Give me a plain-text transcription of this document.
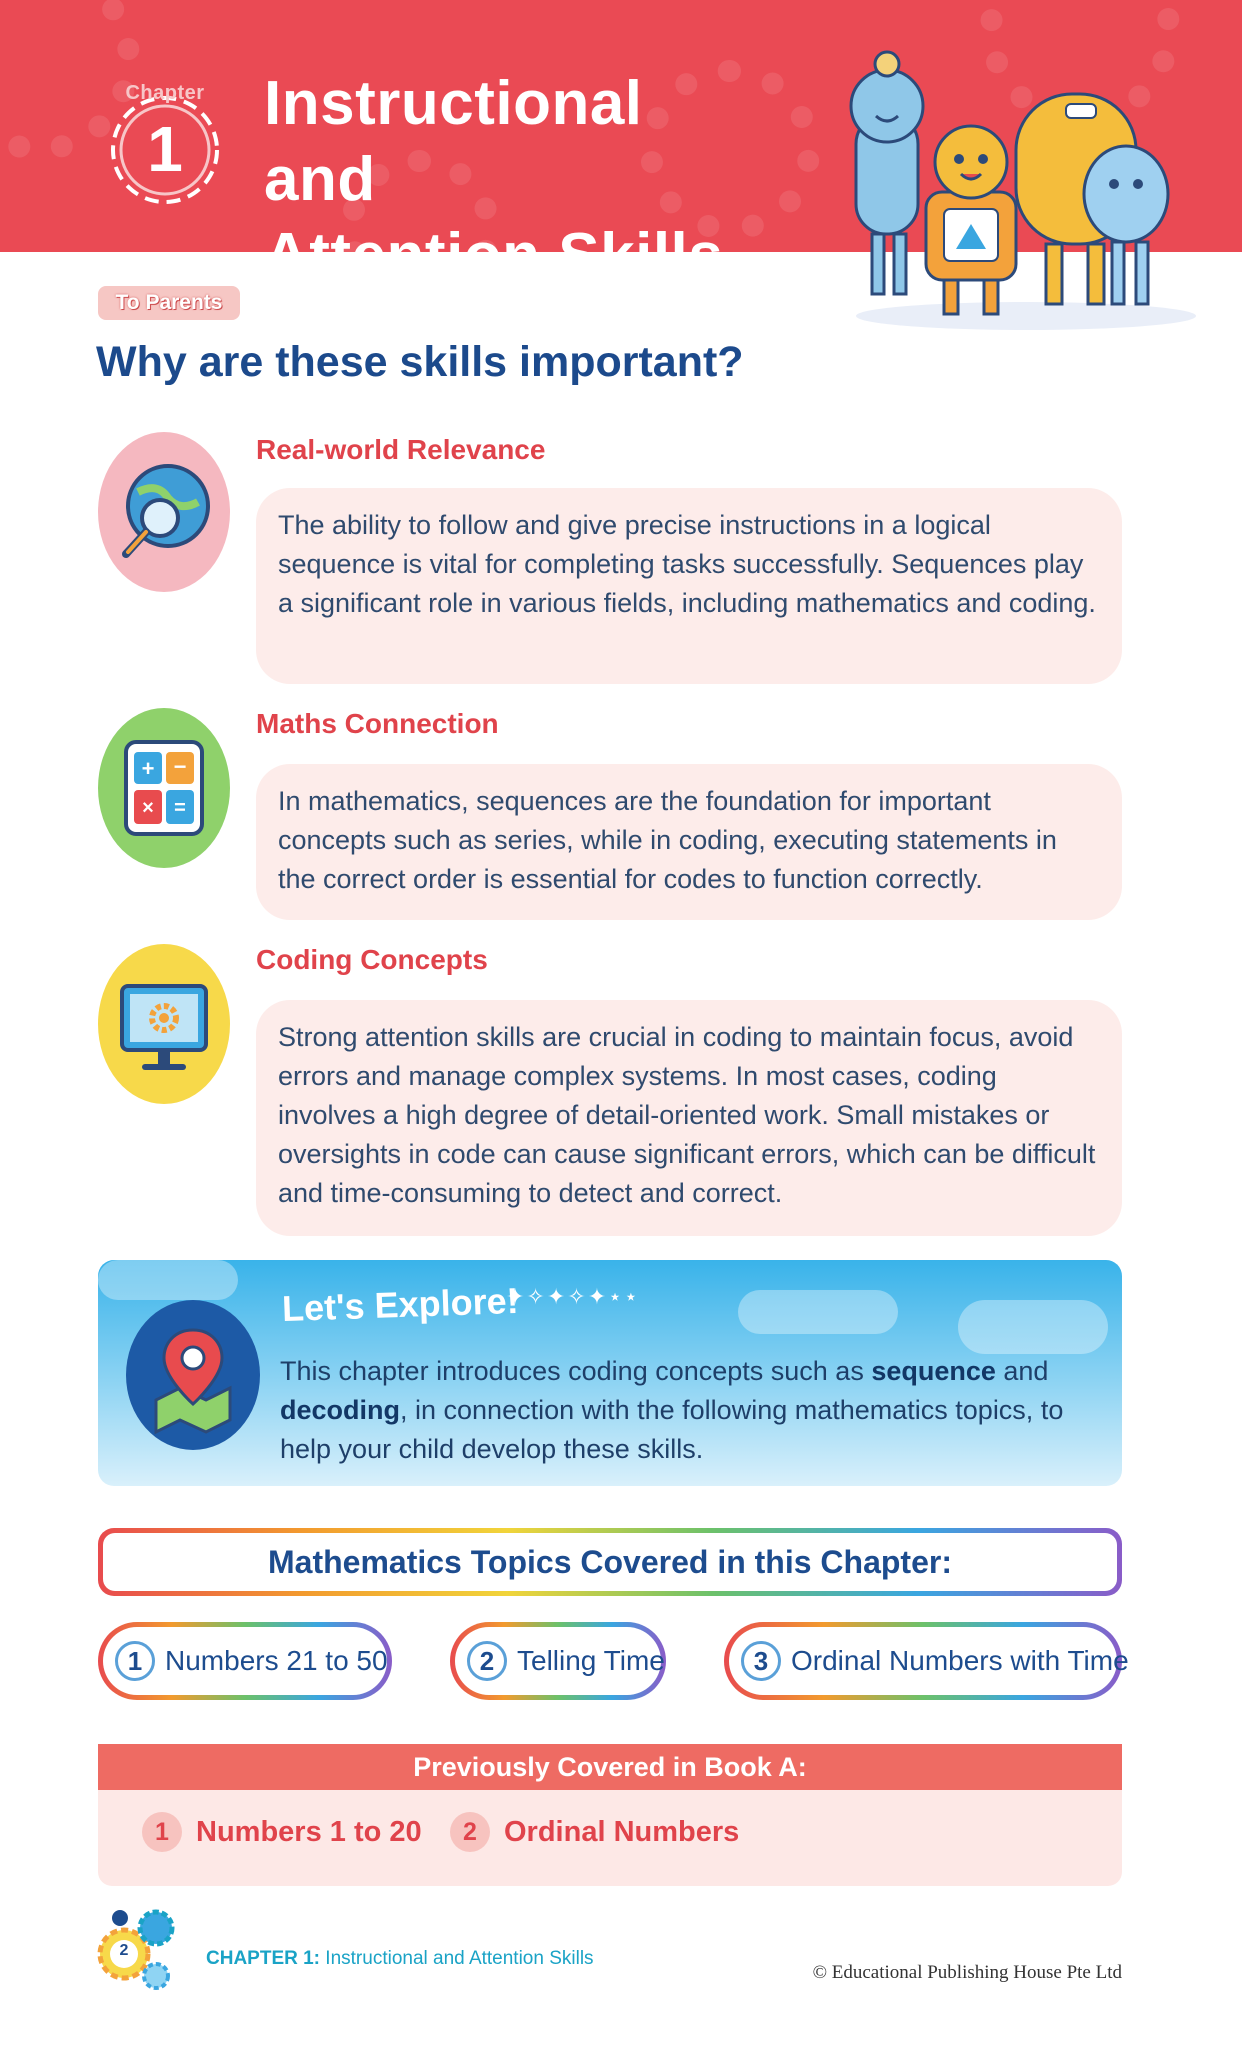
Chapter
1
Instructional and
Attention Skills
To Parents
Why are these skills important?
Real-world Relevance
The ability to follow and give precise instructions in a logical sequence is vital for completing tasks successfully. Sequences play a significant role in various fields, including mathematics and coding.
+ −
× =
Maths Connection
In mathematics, sequences are the foundation for important concepts such as series, while in coding, executing statements in the correct order is essential for codes to function correctly.
Coding Concepts
Strong attention skills are crucial in coding to maintain focus, avoid errors and manage complex systems. In most cases, coding involves a high degree of detail-oriented work. Small mistakes or oversights in code can cause significant errors, which can be difficult and time-consuming to detect and correct.
Let's Explore!
✦✧✦✧✦⋆⋆
This chapter introduces coding concepts such as sequence and decoding, in connection with the following mathematics topics, to help your child develop these skills.
Mathematics Topics Covered in this Chapter:
1 Numbers 21 to 50	2 Telling Time	3 Ordinal Numbers with Time
Previously Covered in Book A:
1 Numbers 1 to 20	2 Ordinal Numbers
2	CHAPTER 1: Instructional and Attention Skills
© Educational Publishing House Pte Ltd
